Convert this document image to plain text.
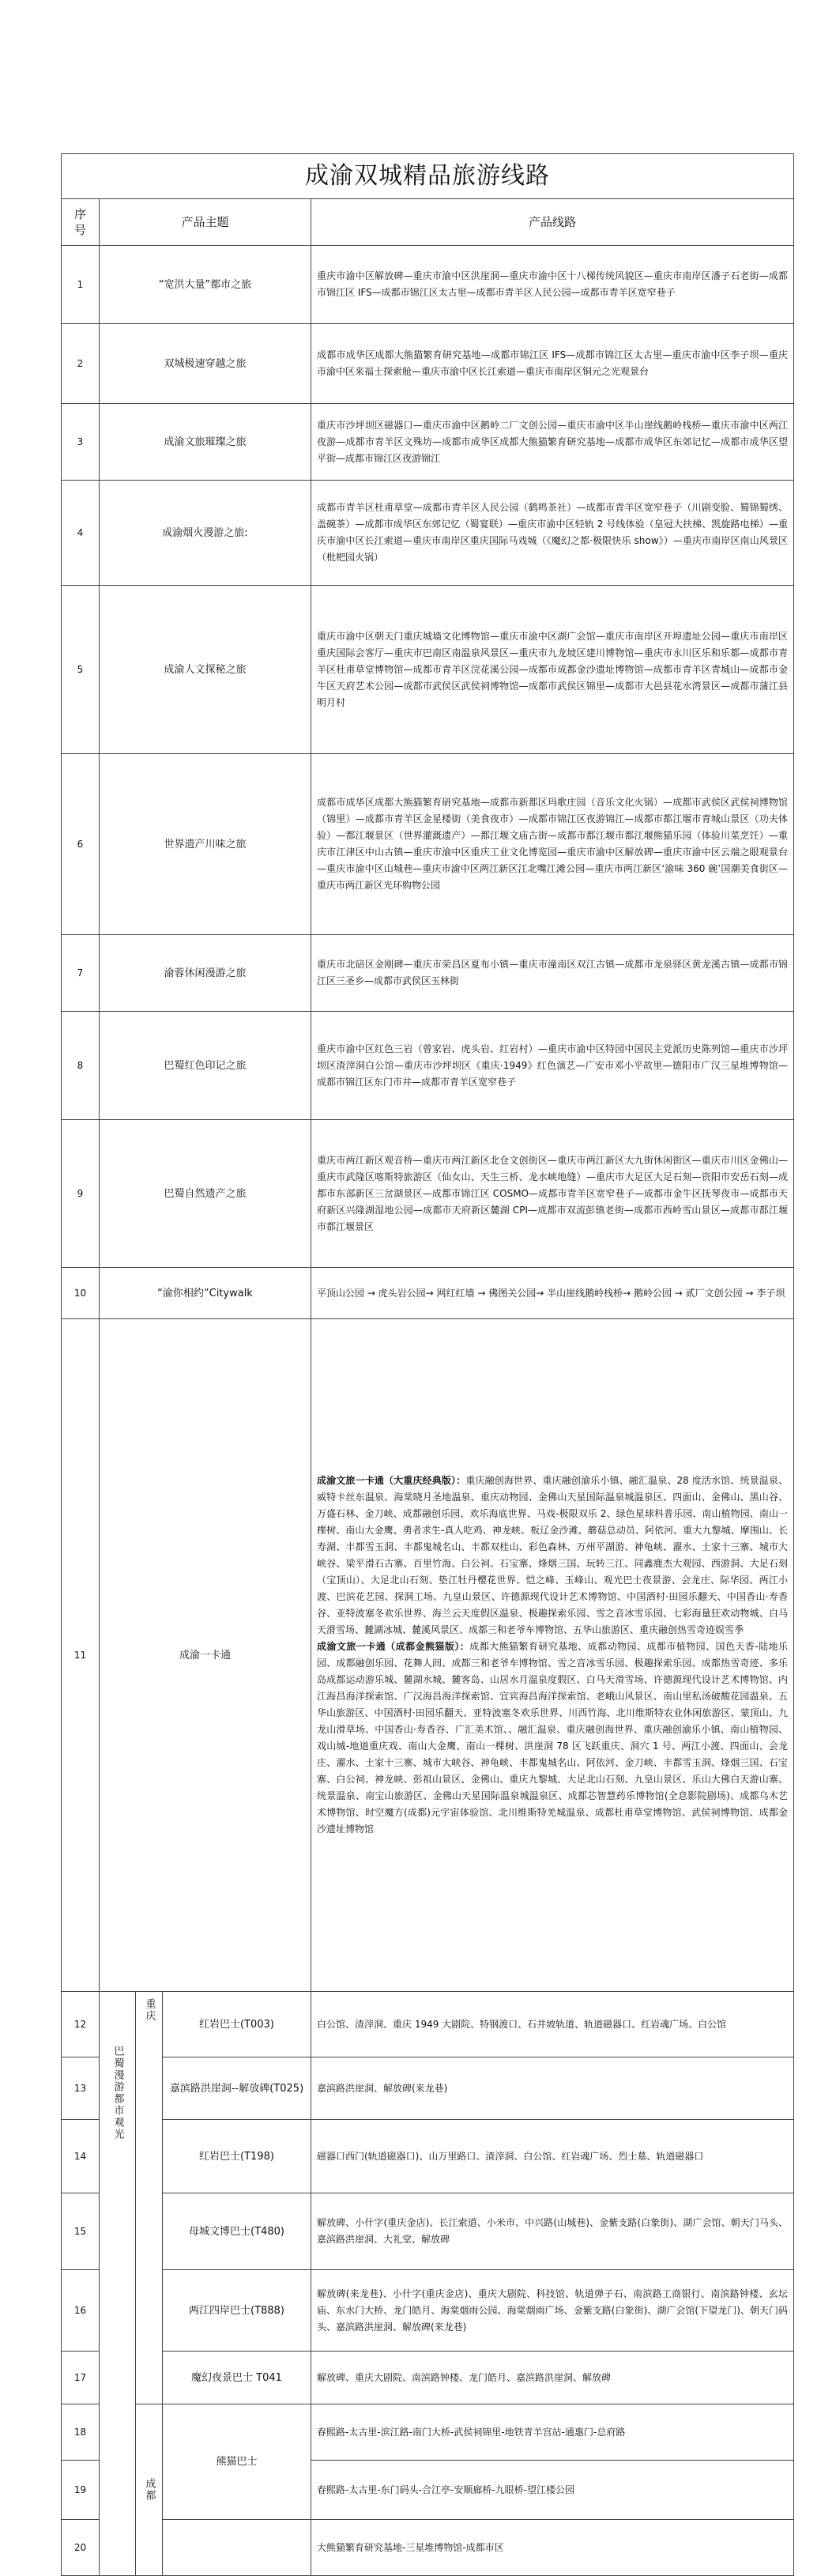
成渝双城精品旅游线路				
序号	产品主题			产品线路
1	“宽洪大量”都市之旅			重庆市渝中区解放碑—重庆市渝中区洪崖洞—重庆市渝中区十八梯传统风貌区—重庆市南岸区潘子石老街—成都市锦江区 IFS—成都市锦江区太古里—成都市青羊区人民公园—成都市青羊区宽窄巷子
2	双城极速穿越之旅			成都市成华区成都大熊猫繁育研究基地—成都市锦江区 IFS—成都市锦江区太古里—重庆市渝中区李子坝—重庆市渝中区来福士探索舱—重庆市渝中区长江索道—重庆市南岸区铜元之光观景台
3	成渝文旅璀璨之旅			重庆市沙坪坝区磁器口—重庆市渝中区鹅岭二厂文创公园—重庆市渝中区半山崖线鹅岭栈桥—重庆市渝中区两江夜游—成都市青羊区文殊坊—成都市成华区成都大熊猫繁育研究基地—成都市成华区东郊记忆—成都市成华区望平街—成都市锦江区夜游锦江
4	成渝烟火漫游之旅:			成都市青羊区杜甫草堂—成都市青羊区人民公园（鹤鸣茶社）—成都市青羊区宽窄巷子（川剧变脸、蜀锦蜀绣、盖碗茶）—成都市成华区东郊记忆（蜀宴联）—重庆市渝中区轻轨 2 号线体验（皇冠大扶梯、凯旋路电梯）—重庆市渝中区长江索道—重庆市南岸区重庆国际马戏城（《魔幻之都·极限快乐 show》）—重庆市南岸区南山风景区（枇杷园火锅）
5	成渝人文探秘之旅			重庆市渝中区朝天门重庆城墙文化博物馆—重庆市渝中区湖广会馆—重庆市南岸区开埠遗址公园—重庆市南岸区重庆国际会客厅—重庆市巴南区南温泉风景区—重庆市九龙坡区建川博物馆—重庆市永川区乐和乐都—成都市青羊区杜甫草堂博物馆—成都市青羊区浣花溪公园—成都市成都金沙遗址博物馆—成都市青羊区青城山—成都市金牛区天府艺术公园—成都市武侯区武侯祠博物馆—成都市武侯区锦里—成都市大邑县花水湾景区—成都市蒲江县明月村
6	世界遗产川味之旅			成都市成华区成都大熊猫繁育研究基地—成都市新都区玛歌庄园（音乐文化火锅）—成都市武侯区武侯祠博物馆（锦里）—成都市青羊区金星楼街（美食夜市）—成都市锦江区夜游锦江—成都市都江堰市青城山景区（功夫体验）—都江堰景区（世界灌溉遗产）—都江堰文庙古街—成都市都江堰市都江堰熊猫乐园（体验川菜烹饪）—重庆市江津区中山古镇—重庆市渝中区重庆工业文化博览园—重庆市渝中区解放碑—重庆市渝中区云端之眼观景台—重庆市渝中区山城巷—重庆市渝中区两江新区江北嘴江滩公园—重庆市两江新区‘渝味 360 碗’国潮美食街区—重庆市两江新区光环购物公园
7	渝蓉休闲漫游之旅			重庆市北碚区金刚碑—重庆市荣昌区夏布小镇—重庆市潼南区双江古镇—成都市龙泉驿区黄龙溪古镇—成都市锦江区三圣乡—成都市武侯区玉林街
8	巴蜀红色印记之旅			重庆市渝中区红色三岩（曾家岩、虎头岩、红岩村）—重庆市渝中区特园中国民主党派历史陈列馆—重庆市沙坪坝区渣滓洞白公馆—重庆市沙坪坝区《重庆·1949》红色演艺—广安市邓小平故里—德阳市广汉三星堆博物馆—成都市锦江区东门市井—成都市青羊区宽窄巷子
9	巴蜀自然遗产之旅			重庆市两江新区观音桥—重庆市两江新区北仓文创街区—重庆市两江新区大九街休闲街区—重庆市川区金佛山—重庆市武隆区喀斯特旅游区（仙女山、天生三桥、龙水峡地缝）—重庆市大足区大足石刻—资阳市安岳石刻—成都市东部新区三岔湖景区—成都市锦江区 COSMO—成都市青羊区宽窄巷子—成都市金牛区抚琴夜市—成都市天府新区兴隆湖湿地公园—成都市天府新区麓湖 CPI—成都市双流彭镇老街—成都市西岭雪山景区—成都市都江堰市都江堰景区
10	“渝你相约”Citywalk			平顶山公园 → 虎头岩公园→ 网红红墙 → 佛图关公园→ 半山崖线鹅岭栈桥→ 鹅岭公园 → 贰厂文创公园 → 李子坝
11	成渝一卡通			成渝文旅一卡通（大重庆经典版）：重庆融创海世界、重庆融创渝乐小镇、融汇温泉、28 度活水馆、统景温泉、威特卡丝东温泉、海棠晓月圣地温泉、重庆动物园、金佛山天星国际温泉城温泉区、四面山、金佛山、黑山谷、万盛石林、金刀峡、成都融创乐园、欢乐海底世界、马戏-极限双乐 2、绿色星球科普乐园、南山植物园、南山一棵树、南山大金鹰、勇者求生-真人吃鸡、神龙峡、板辽金沙滩、蘑菇总动员、阿依河、重大九黎城、摩围山、长寿湖、丰都雪玉洞、丰都鬼城名山、丰都双桂山、彩色森林、万州平湖游、神龟峡、濯水、土家十三寨、城市大峡谷、梁平滑石古寨、百里竹海、白公祠、石宝寨、烽烟三国、玩转三江、同鑫鹿杰大观园、西游洞、大足石刻（宝顶山）、大足北山石刻、垫江牡丹樱花世界、恺之峰、玉峰山、观光巴士夜景游、会龙庄、际华园、两江小渡、巴滨花艺园、探洞工场、九皇山景区、许德源现代设计艺术博物馆、中国酒村·田园乐翻天、中国香山·寿香谷、亚特波塞冬欢乐世界、海兰云天度假区温泉、极趣探索乐园、雪之音冰雪乐园、七彩海量狂欢动物城、白马天滑雪场、麓湖冰城、麓溪风景区、成都三和老爷车博物馆、五华山旅游区、重庆融创热雪奇迹娱雪季
成渝文旅一卡通（成都金熊猫版）：成都大熊猫繁育研究基地、成都动物园、成都市植物园、国色天香-陆地乐园、成都融创乐园、花舞人间、成都三和老爷车博物馆、雪之音冰雪乐园、极趣探索乐园、成都热雪奇迹、多乐岛成都运动游乐城、麓湖水城、麓客岛、山居水月温泉度假区、白马天滑雪场、许德源现代设计艺术博物馆、内江海昌海洋探索馆、广汉海昌海洋探索馆、宜宾海昌海洋探索馆、老峨山风景区、南山里私汤破酸花园温泉、五华山旅游区、中国酒村·田园乐翻天、亚特波塞冬欢乐世界、川西竹海、北川维斯特农业休闲旅游区、蒙顶山、九龙山滑草场、中国香山·寿香谷、广汇美术馆、、融汇温泉、重庆融创海世界、重庆融创渝乐小镇、南山植物园、戏山城-地道重庆戏、南山大金鹰、南山一棵树、洪崖洞 78 区飞跃重庆、洞穴 1 号、两江小渡、四面山、会龙庄、濯水、土家十三寨、城市大峡谷、神龟峡、丰都鬼城名山、阿依河、金刀峡、丰都雪玉洞、烽烟三国、石宝寨、白公祠、神龙峡、彭祖山景区、金佛山、重庆九黎城、大足北山石刻、九皇山景区、乐山大佛白天游山寨、统景温泉、南宝山旅游区、金佛山天星国际温泉城温泉区、成都芯智慧药乐博物馆(全息影院剧场)、成都乌木艺术博物馆、时空魔方(成都)元宇宙体验馆、北川维斯特羌城温泉、成都杜甫草堂博物馆、武侯祠博物馆、成都金沙遗址博物馆
12	巴蜀漫游都市观光	重庆	红岩巴士(T003)	白公馆、渣滓洞、重庆 1949 大剧院、特钢渡口、石井坡轨道、轨道磁器口、红岩魂广场、白公馆
13			嘉滨路洪崖洞--解放碑(T025)	嘉滨路洪崖洞、解放碑(来龙巷)
14			红岩巴士(T198)	磁器口西门(轨道磁器口)、山万里路口、渣滓洞、白公馆、红岩魂广场、烈士墓、轨道磁器口
15			母城文博巴士(T480)	解放碑、小什字(重庆金店)、长江索道、小米市、中兴路(山城巷)、金紫支路(白象街)、湖广会馆、朝天门马头、嘉滨路洪崖洞、大礼堂、解放碑
16			两江四岸巴士(T888)	解放碑(来龙巷)、小什字(重庆金店)、重庆大剧院、科技馆、轨道弹子石、南滨路工商银行、南滨路钟楼、玄坛庙、东水门大桥、龙门皓月、海棠烟雨公园、海棠烟雨广场、金紫支路(白象街)、湖广会馆(下望龙门)、朝天门码头、嘉滨路洪崖洞、解放碑(来龙巷)
17			魔幻夜景巴士 T041	解放碑、重庆大剧院、南滨路钟楼、龙门皓月、嘉滨路洪崖洞、解放碑
18		成都	熊猫巴士	春熙路-太古里-滨江路-南门大桥-武侯祠锦里-地铁青羊宫站-通惠门-总府路
19				春熙路-太古里-东门码头-合江亭-安顺廊桥-九眼桥-望江楼公园
20				大熊猫繁育研究基地-三星堆博物馆-成都市区
